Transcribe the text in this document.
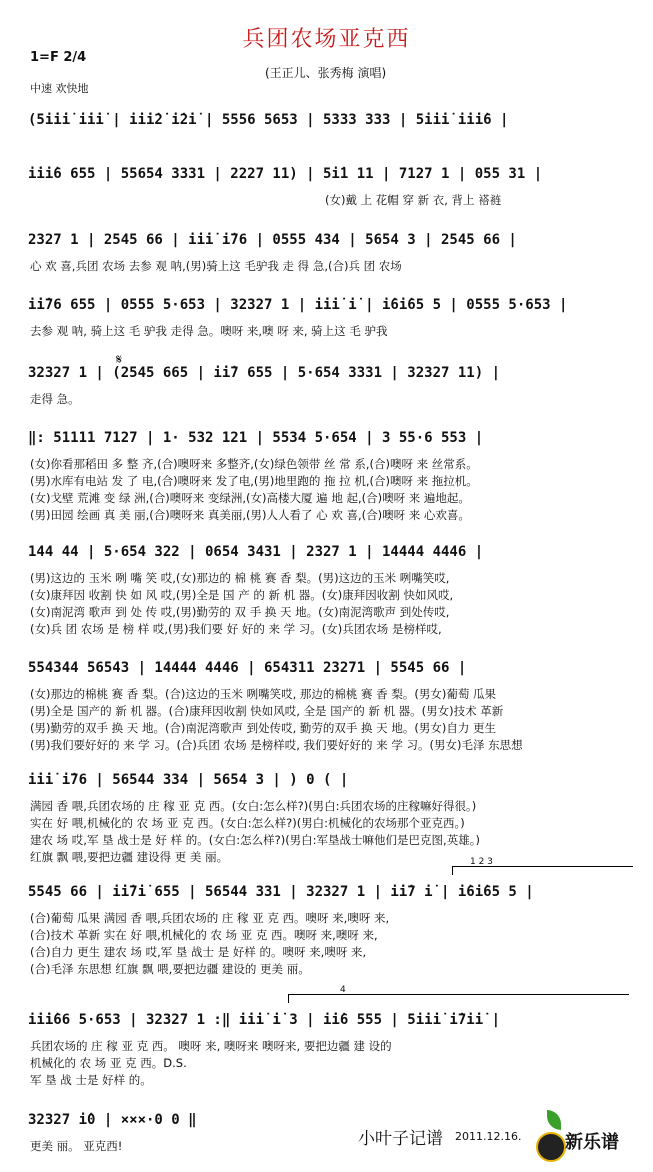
兵团农场亚克西
1=F 2/4
中速 欢快地
(王正儿、张秀梅 演唱)
𝄋
1 2 3
4
(5i̇i̇i̇ i̇i̇i̇ | i̇i̇i̇2̇ i̇2̇i̇ | 5556 5653 | 5333 333 | 5i̇i̇i̇ i̇i̇i̇6 |
i̇i̇i̇6 655 | 55654 3331 | 2227 11) | 5i̇1 11 | 7127 1 | 055 31 |
(女)戴 上 花帽 穿 新 衣, 背上 褡裢
2327 1 | 2545 66 | i̇i̇i̇ i̇76 | 0555 434 | 5654 3 | 2545 66 |
心 欢 喜,兵团 农场 去参 观 呐,(男)骑上这 毛驴我 走 得 急,(合)兵 团 农场
i̇i̇76 655 | 0555 5·653 | 32327 1 | i̇i̇i̇ i̇ | i̇6i̇65 5 | 0555 5·653 |
去参 观 呐, 骑上这 毛 驴我 走得 急。噢呀 来,噢 呀 来, 骑上这 毛 驴我
32327 1 | (2545 665 | i̇i̇7 655 | 5·654 3331 | 32327 11) |
走得 急。
‖: 51111 7127 | 1· 532 121 | 5534 5·654 | 3 55·6 553 |
(女)你看那稻田 多 整 齐,(合)噢呀来 多整齐,(女)绿色领带 丝 常 系,(合)噢呀 来 丝常系。
(男)水库有电站 发 了 电,(合)噢呀来 发了电,(男)地里跑的 拖 拉 机,(合)噢呀 来 拖拉机。
(女)戈壁 荒滩 变 绿 洲,(合)噢呀来 变绿洲,(女)高楼大厦 遍 地 起,(合)噢呀 来 遍地起。
(男)田园 绘画 真 美 丽,(合)噢呀来 真美丽,(男)人人看了 心 欢 喜,(合)噢呀 来 心欢喜。
144 44 | 5·654 322 | 0654 3431 | 2327 1 | 14444 4446 |
(男)这边的 玉米 咧 嘴 笑 哎,(女)那边的 棉 桃 赛 香 梨。(男)这边的玉米 咧嘴笑哎,
(女)康拜因 收割 快 如 风 哎,(男)全是 国 产 的 新 机 器。(女)康拜因收割 快如风哎,
(女)南泥湾 歌声 到 处 传 哎,(男)勤劳的 双 手 换 天 地。(女)南泥湾歌声 到处传哎,
(女)兵 团 农场 是 榜 样 哎,(男)我们要 好 好的 来 学 习。(女)兵团农场 是榜样哎,
554344 56543 | 14444 4446 | 654311 23271 | 5545 66 |
(女)那边的棉桃 赛 香 梨。(合)这边的玉米 咧嘴笑哎, 那边的棉桃 赛 香 梨。(男女)葡萄 瓜果
(男)全是 国产的 新 机 器。(合)康拜因收割 快如风哎, 全是 国产的 新 机 器。(男女)技术 革新
(男)勤劳的双手 换 天 地。(合)南泥湾歌声 到处传哎, 勤劳的双手 换 天 地。(男女)自力 更生
(男)我们要好好的 来 学 习。(合)兵团 农场 是榜样哎, 我们要好好的 来 学 习。(男女)毛泽 东思想
i̇i̇i̇ i̇76 | 56544 334 | 5654 3 | ) 0 ( |
满园 香 喂,兵团农场的 庄 稼 亚 克 西。(女白:怎么样?)(男白:兵团农场的庄稼嘛好得很。)
实在 好 喂,机械化的 农 场 亚 克 西。(女白:怎么样?)(男白:机械化的农场那个亚克西。)
建农 场 哎,军 垦 战士是 好 样 的。(女白:怎么样?)(男白:军垦战士嘛他们是巴克图,英雄。)
红旗 飘 喂,要把边疆 建设得 更 美 丽。
5545 66 | i̇i̇7i̇ 655 | 56544 331 | 32327 1 | i̇i̇7 i̇ | i̇6i̇65 5 |
(合)葡萄 瓜果 满园 香 喂,兵团农场的 庄 稼 亚 克 西。噢呀 来,噢呀 来,
(合)技术 革新 实在 好 喂,机械化的 农 场 亚 克 西。噢呀 来,噢呀 来,
(合)自力 更生 建农 场 哎,军 垦 战士 是 好样 的。噢呀 来,噢呀 来,
(合)毛泽 东思想 红旗 飘 喂,要把边疆 建设的 更美 丽。
i̇i̇i̇66 5·653 | 32327 1 :‖ i̇i̇i̇ i̇ 3 | i̇i̇6 555 | 5i̇i̇i̇ i̇7i̇i̇ |
兵团农场的 庄 稼 亚 克 西。 噢呀 来, 噢呀来 噢呀来, 要把边疆 建 设的
机械化的 农 场 亚 克 西。D.S.
军 垦 战 士是 好样 的。
32327 i̇0 | ×××·0 0 ‖
更美 丽。 亚克西!	小叶子记谱 2011.12.16. 新乐谱
